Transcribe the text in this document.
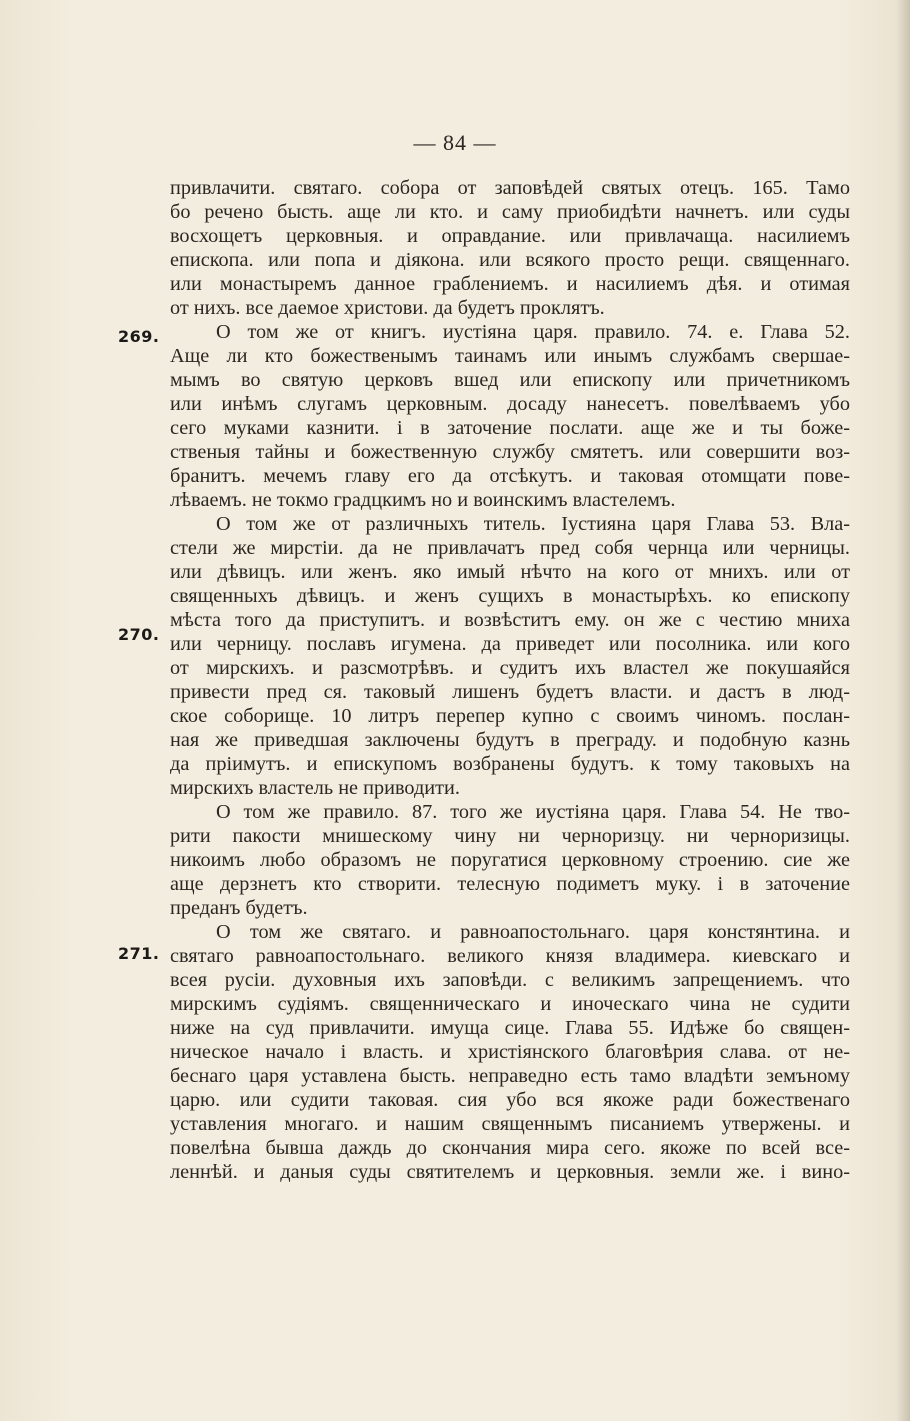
— 84 —
269.
270.
271.
привлачити. святаго. собора от заповѣдей святых отецъ. 165. Тамо
бо речено бысть. аще ли кто. и саму приобидѣти начнетъ. или суды
восхощетъ церковныя. и оправдание. или привлачаща. насилиемъ
епископа. или попа и дiякона. или всякого просто рещи. священнаго.
или монастыремъ данное граблениемъ. и насилиемъ дѣя. и отимая
от нихъ. все даемое христови. да будетъ проклятъ.
О том же от книгъ. иустiяна царя. правило. 74. е. Глава 52.
Аще ли кто божественымъ таинамъ или инымъ службамъ свершае-
мымъ во святую церковъ вшед или епископу или причетникомъ
или инѣмъ слугамъ церковным. досаду нанесетъ. повелѣваемъ убо
сего муками казнити. i в заточение послати. аще же и ты боже-
ственыя тайны и божественную службу смятетъ. или совершити воз-
бранитъ. мечемъ главу его да отсѣкутъ. и таковая отомщати пове-
лѣваемъ. не токмо градцкимъ но и воинскимъ властелемъ.
О том же от различныхъ титель. Iустияна царя Глава 53. Вла-
стели же мирстiи. да не привлачатъ пред собя чернца или черницы.
или дѣвицъ. или женъ. яко имый нѣчто на кого от мнихъ. или от
священныхъ дѣвицъ. и женъ сущихъ в монастырѣхъ. ко епископу
мѣста того да приступитъ. и возвѣститъ ему. он же с честию мниха
или черницу. пославъ игумена. да приведет или посолника. или кого
от мирскихъ. и разсмотрѣвъ. и судитъ ихъ властел же покушаяйся
привести пред ся. таковый лишенъ будетъ власти. и дастъ в люд-
ское соборище. 10 литръ перепер купно с своимъ чиномъ. послан-
ная же приведшая заключены будутъ в преграду. и подобную казнь
да прiимутъ. и епискупомъ возбранены будутъ. к тому таковыхъ на
мирскихъ властель не приводити.
О том же правило. 87. того же иустiяна царя. Глава 54. Не тво-
рити пакости мнишескому чину ни черноризцу. ни черноризицы.
никоимъ любо образомъ не поругатися церковному строению. сие же
аще дерзнетъ кто створити. телесную подиметъ муку. i в заточение
преданъ будетъ.
О том же святаго. и равноапостольнаго. царя констянтина. и
святаго равноапостольнаго. великого князя владимера. киевскаго и
всея русiи. духовныя ихъ заповѣди. с великимъ запрещениемъ. что
мирскимъ судiямъ. священническаго и иноческаго чина не судити
ниже на суд привлачити. имуща сице. Глава 55. Идѣже бо свящeн-
ническое начало i власть. и христiянского благовѣрия слава. от не-
беснаго царя уставлена бысть. неправедно есть тамо владѣти земъному
царю. или судити таковая. сия убо вся якоже ради божественаго
уставления многаго. и нашим священнымъ писаниемъ утвержены. и
повелѣна бывша даждь до скончания мира сего. якоже по всей все-
леннѣй. и даныя суды святителемъ и церковныя. земли же. i вино-
